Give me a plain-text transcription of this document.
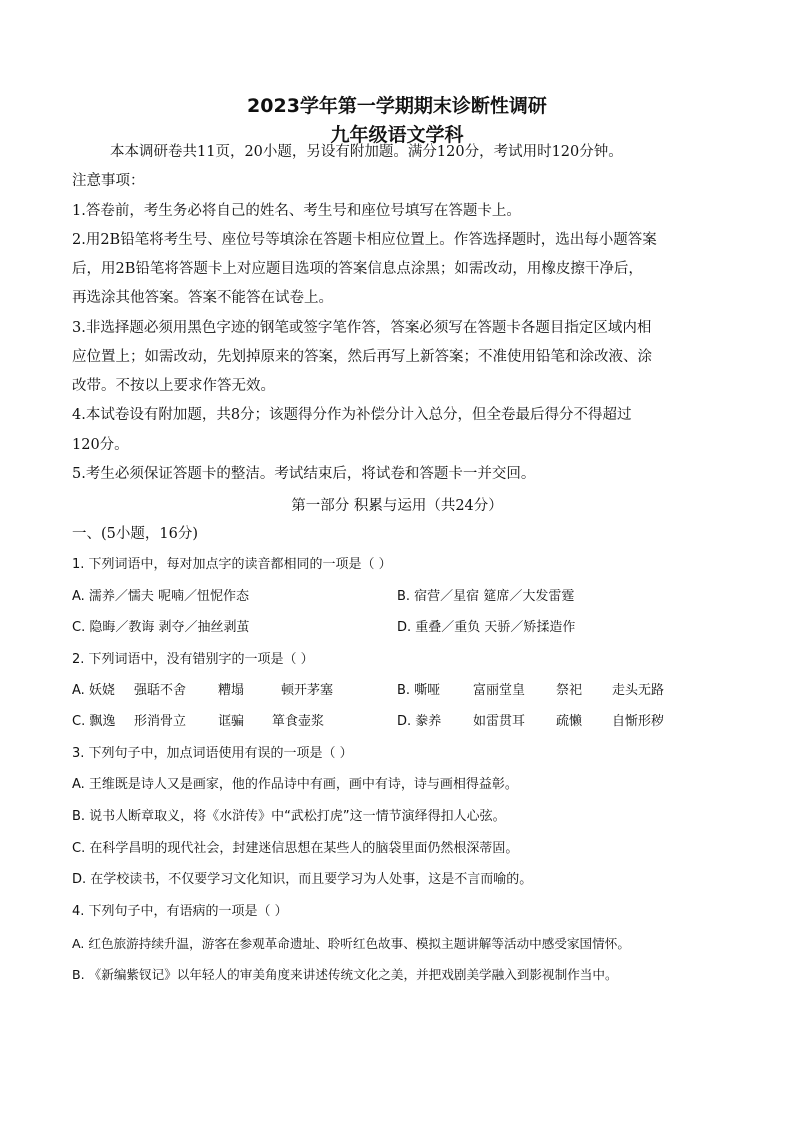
2023学年第一学期期末诊断性调研
九年级语文学科
本本调研卷共11页，20小题，另设有附加题。满分120分，考试用时120分钟。
注意事项：
1.答卷前，考生务必将自己的姓名、考生号和座位号填写在答题卡上。
2.用2B铅笔将考生号、座位号等填涂在答题卡相应位置上。作答选择题时，选出每小题答案
后，用2B铅笔将答题卡上对应题目选项的答案信息点涂黑；如需改动，用橡皮擦干净后，
再选涂其他答案。答案不能答在试卷上。
3.非选择题必须用黑色字迹的钢笔或签字笔作答，答案必须写在答题卡各题目指定区域内相
应位置上；如需改动，先划掉原来的答案，然后再写上新答案；不准使用铅笔和涂改液、涂
改带。不按以上要求作答无效。
4.本试卷设有附加题，共8分；该题得分作为补偿分计入总分，但全卷最后得分不得超过
120分。
5.考生必须保证答题卡的整洁。考试结束后，将试卷和答题卡一并交回。
第一部分 积累与运用（共24分）
一、(5小题，16分)
1. 下列词语中，每对加点字的读音都相同的一项是（ ）
A. 濡养／懦夫 呢喃／忸怩作态	B. 宿营／星宿 筵席／大发雷霆
C. 隐晦／教诲 剥夺／抽丝剥茧	D. 重叠／重负 天骄／矫揉造作
2. 下列词语中，没有错别字的一项是（ ）
A. 妖娆 强聒不舍 糟塌	顿开茅塞	B. 嘶哑	富丽堂皇 祭祀 走头无路
C. 飘逸 形消骨立 诓骗 箪食壶浆	D. 豢养 如雷贯耳 疏懒 自惭形秽
3. 下列句子中，加点词语使用有误的一项是（ ）
A. 王维既是诗人又是画家，他的作品诗中有画，画中有诗，诗与画相得益彰。
B. 说书人断章取义，将《水浒传》中“武松打虎”这一情节演绎得扣人心弦。
C. 在科学昌明的现代社会，封建迷信思想在某些人的脑袋里面仍然根深蒂固。
D. 在学校读书，不仅要学习文化知识，而且要学习为人处事，这是不言而喻的。
4. 下列句子中，有语病的一项是（ ）
A. 红色旅游持续升温，游客在参观革命遗址、聆听红色故事、模拟主题讲解等活动中感受家国情怀。
B. 《新编紫钗记》以年轻人的审美角度来讲述传统文化之美，并把戏剧美学融入到影视制作当中。
